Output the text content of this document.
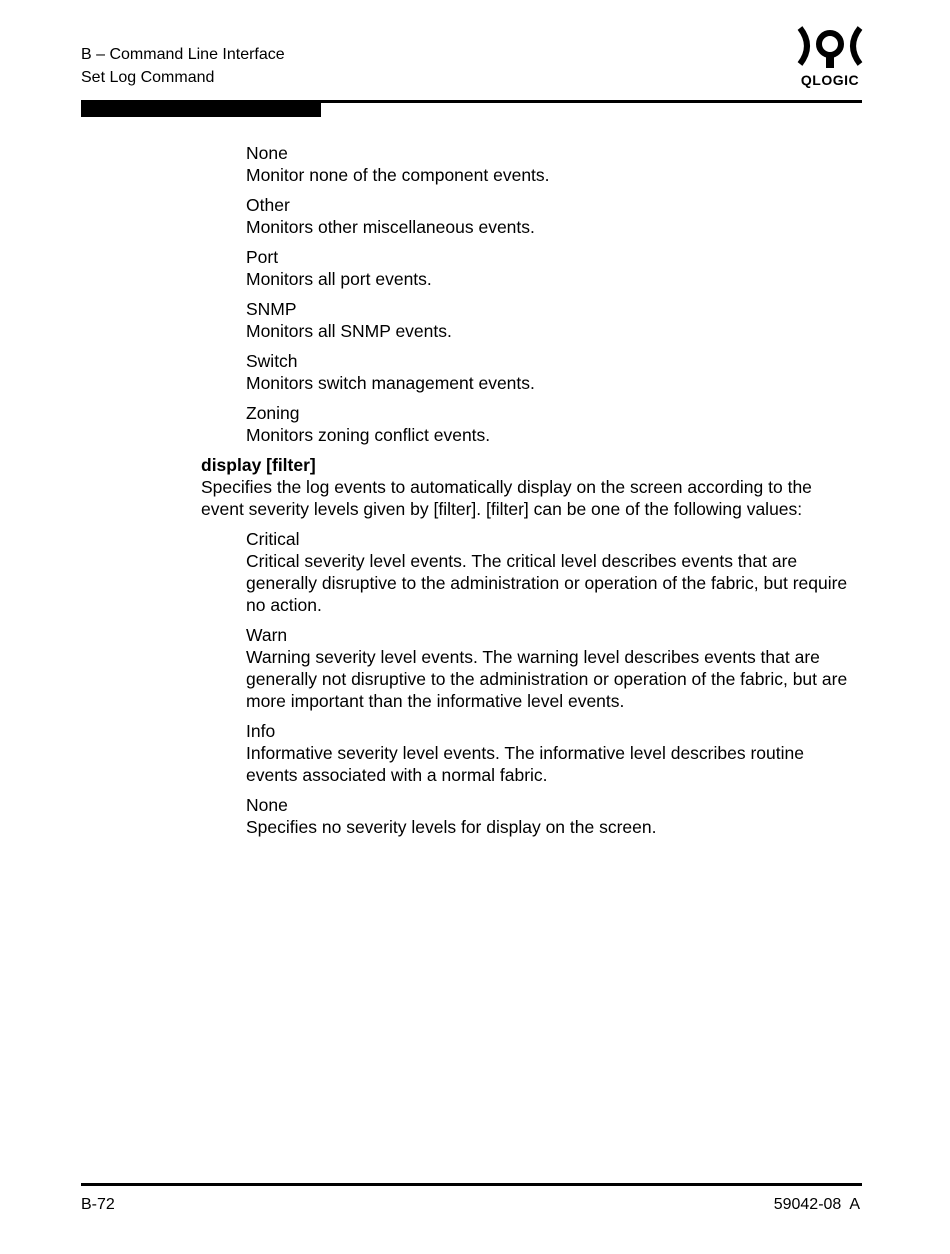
B – Command Line Interface
Set Log Command	QLOGIC
None
Monitor none of the component events.
Other
Monitors other miscellaneous events.
Port
Monitors all port events.
SNMP
Monitors all SNMP events.
Switch
Monitors switch management events.
Zoning
Monitors zoning conflict events.
display [filter]
Specifies the log events to automatically display on the screen according to the event severity levels given by [filter]. [filter] can be one of the following values:
Critical
Critical severity level events. The critical level describes events that are generally disruptive to the administration or operation of the fabric, but require no action.
Warn
Warning severity level events. The warning level describes events that are generally not disruptive to the administration or operation of the fabric, but are more important than the informative level events.
Info
Informative severity level events. The informative level describes routine events associated with a normal fabric.
None
Specifies no severity levels for display on the screen.
B-72	59042-08  A
